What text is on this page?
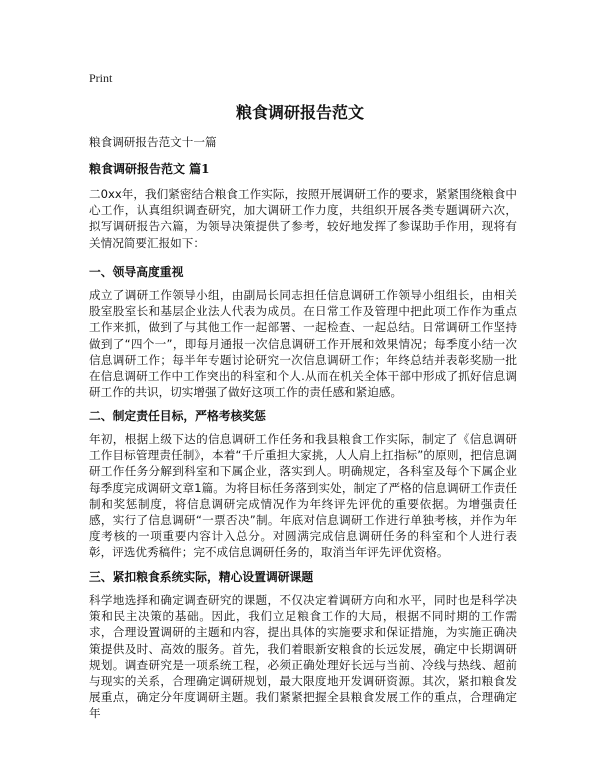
Print
粮食调研报告范文

粮食调研报告范文十一篇

粮食调研报告范文 篇1

二0xx年，我们紧密结合粮食工作实际，按照开展调研工作的要求，紧紧围绕粮食中心工作，认真组织调查研究，加大调研工作力度，共组织开展各类专题调研六次，拟写调研报告六篇，为领导决策提供了参考，较好地发挥了参谋助手作用，现将有关情况简要汇报如下：

一、领导高度重视

成立了调研工作领导小组，由副局长同志担任信息调研工作领导小组组长，由相关股室股室长和基层企业法人代表为成员。在日常工作及管理中把此项工作作为重点工作来抓，做到了与其他工作一起部署、一起检查、一起总结。日常调研工作坚持做到了“四个一”，即每月通报一次信息调研工作开展和效果情况；每季度小结一次信息调研工作；每半年专题讨论研究一次信息调研工作；年终总结并表彰奖励一批在信息调研工作中工作突出的科室和个人.从而在机关全体干部中形成了抓好信息调研工作的共识，切实增强了做好这项工作的责任感和紧迫感。

二、制定责任目标，严格考核奖惩

年初，根据上级下达的信息调研工作任务和我县粮食工作实际，制定了《信息调研工作目标管理责任制》，本着“千斤重担大家挑，人人肩上扛指标”的原则，把信息调研工作任务分解到科室和下属企业，落实到人。明确规定，各科室及每个下属企业每季度完成调研文章1篇。为将目标任务落到实处，制定了严格的信息调研工作责任制和奖惩制度，将信息调研完成情况作为年终评先评优的重要依据。为增强责任感，实行了信息调研“一票否决”制。年底对信息调研工作进行单独考核，并作为年度考核的一项重要内容计入总分。对圆满完成信息调研任务的科室和个人进行表彰，评选优秀稿件；完不成信息调研任务的，取消当年评先评优资格。

三、紧扣粮食系统实际，精心设置调研课题

科学地选择和确定调查研究的课题，不仅决定着调研方向和水平，同时也是科学决策和民主决策的基础。因此，我们立足粮食工作的大局，根据不同时期的工作需求，合理设置调研的主题和内容，提出具体的实施要求和保证措施，为实施正确决策提供及时、高效的服务。首先，我们着眼新安粮食的长远发展，确定中长期调研规划。调查研究是一项系统工程，必须正确处理好长远与当前、冷线与热线、超前与现实的关系，合理确定调研规划，最大限度地开发调研资源。其次，紧扣粮食发展重点，确定分年度调研主题。我们紧紧把握全县粮食发展工作的重点，合理确定年
